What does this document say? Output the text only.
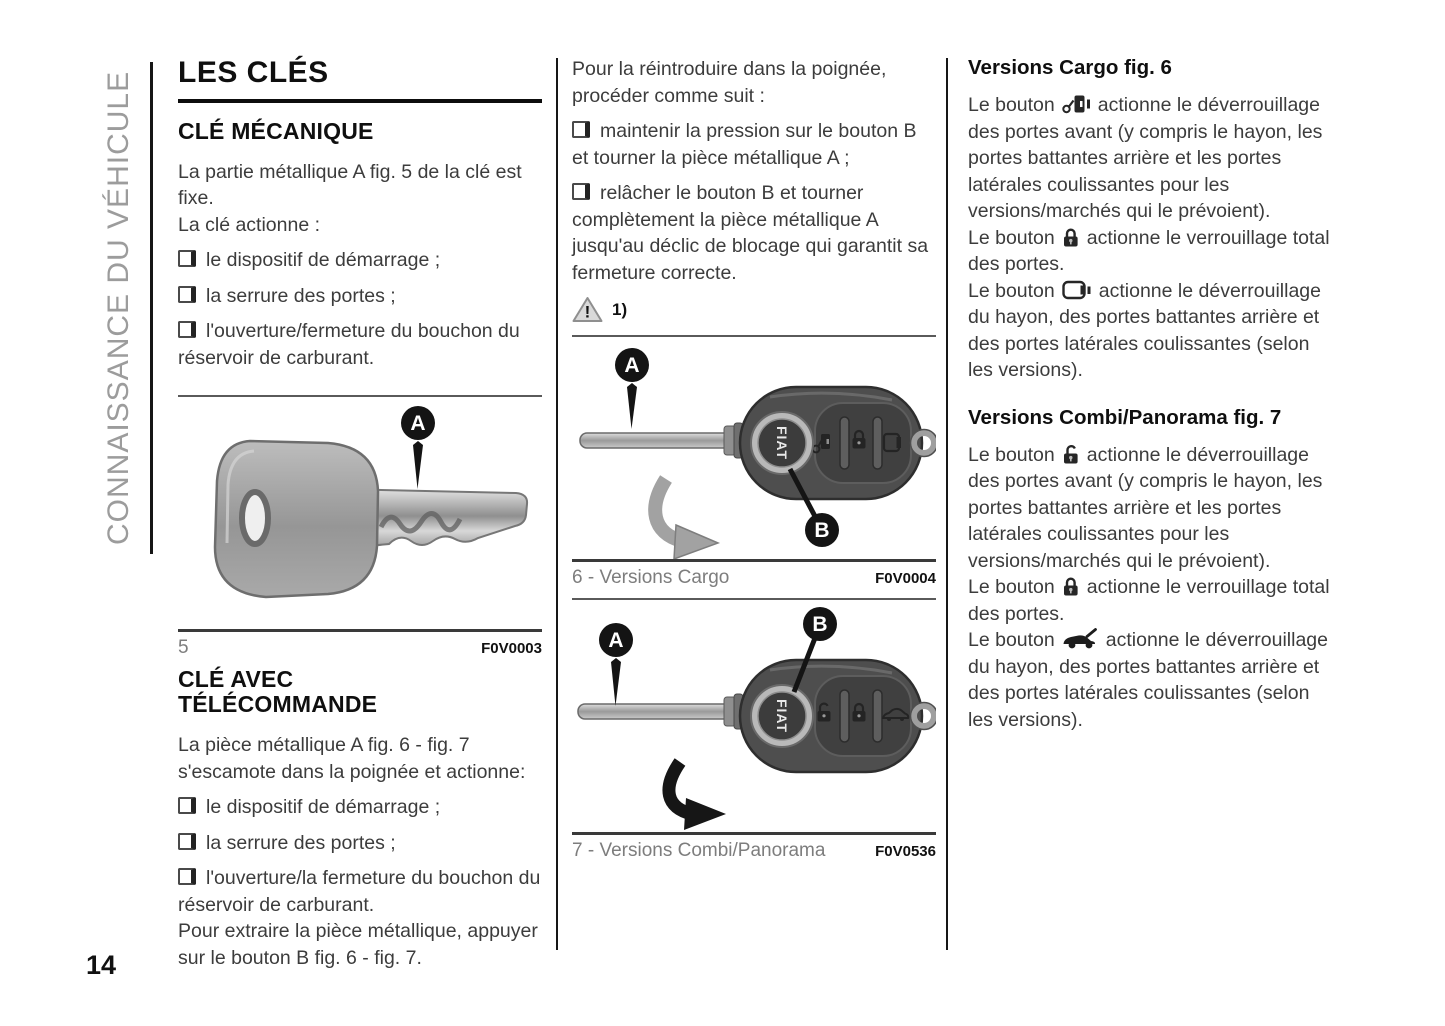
CONNAISSANCE DU VÉHICULE
14
LES CLÉS
CLÉ MÉCANIQUE

La partie métallique A fig. 5 de la clé est fixe.

La clé actionne :

le dispositif de démarrage ;

la serrure des portes ;

l'ouverture/fermeture du bouchon du réservoir de carburant.

A
5	F0V0003
CLÉ AVEC
TÉLÉCOMMANDE

La pièce métallique A fig. 6 - fig. 7 s'escamote dans la poignée et actionne:

le dispositif de démarrage ;

la serrure des portes ;

l'ouverture/la fermeture du bouchon du réservoir de carburant.

Pour extraire la pièce métallique, appuyer sur le bouton B fig. 6 - fig. 7.

Pour la réintroduire dans la poignée, procéder comme suit :

maintenir la pression sur le bouton B et tourner la pièce métallique A ;

relâcher le bouton B et tourner complètement la pièce métallique A jusqu'au déclic de blocage qui garantit sa fermeture correcte.

! 1)
FIAT
A
B
6 - Versions Cargo	F0V0004
FIAT
A
B
7 - Versions Combi/Panorama	F0V0536
Versions Cargo fig. 6

Le bouton actionne le déverrouillage des portes avant (y compris le hayon, les portes battantes arrière et les portes latérales coulissantes pour les versions/marchés qui le prévoient).

Le bouton actionne le verrouillage total des portes.

Le bouton actionne le déverrouillage du hayon, des portes battantes arrière et des portes latérales coulissantes (selon les versions).

Versions Combi/Panorama fig. 7

Le bouton actionne le déverrouillage des portes avant (y compris le hayon, les portes battantes arrière et les portes latérales coulissantes pour les versions/marchés qui le prévoient).

Le bouton actionne le verrouillage total des portes.

Le bouton	actionne le déverrouillage du hayon, des portes battantes arrière et des portes latérales coulissantes (selon les versions).
